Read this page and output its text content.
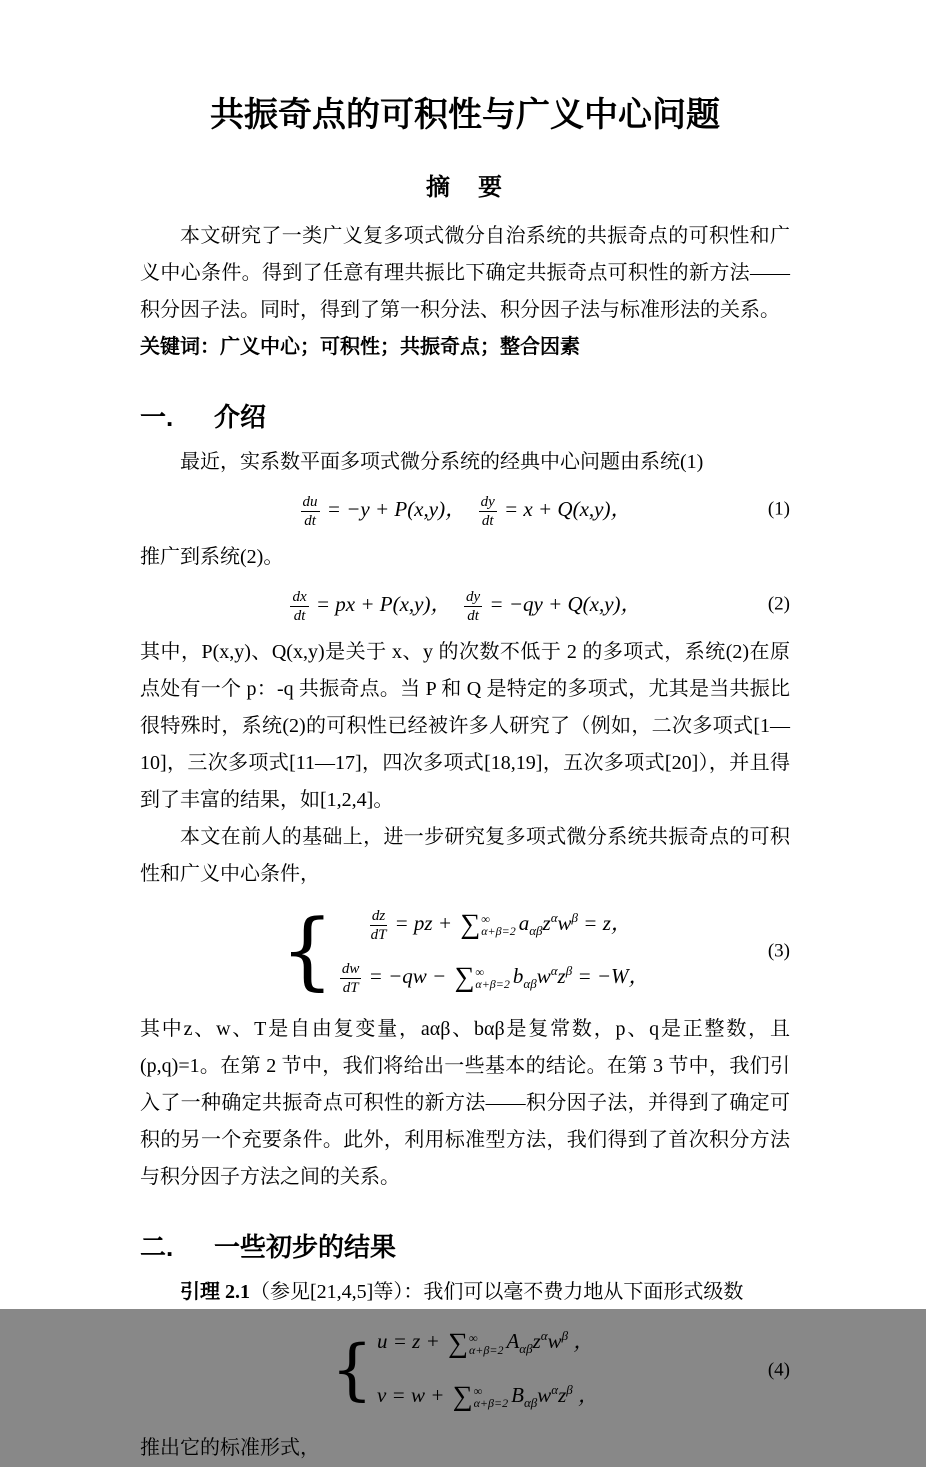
共振奇点的可积性与广义中心问题
摘　要

本文研究了一类广义复多项式微分自治系统的共振奇点的可积性和广义中心条件。得到了任意有理共振比下确定共振奇点可积性的新方法——积分因子法。同时，得到了第一积分法、积分因子法与标准形法的关系。

关键词：广义中心；可积性；共振奇点；整合因素

一.	介绍

最近，实系数平面多项式微分系统的经典中心问题由系统(1)

$\frac{du}{dt} = -y + P(x,y)$， $\frac{dy}{dt} = x + Q(x,y)$，	(1)

推广到系统(2)。

$\frac{dx}{dt}$ = px + P(x,y)， $\frac{dy}{dt} = -qy + Q(x,y)$，	(2)

其中，P(x,y)、Q(x,y)是关于 x、y 的次数不低于 2 的多项式，系统(2)在原点处有一个 p：-q 共振奇点。当 P 和 Q 是特定的多项式，尤其是当共振比很特殊时，系统(2)的可积性已经被许多人研究了（例如，二次多项式[1—10]，三次多项式[11—17]，四次多项式[18,19]，五次多项式[20]），并且得到了丰富的结果，如[1,2,4]。

本文在前人的基础上，进一步研究复多项式微分系统共振奇点的可积性和广义中心条件，

{ $\frac{dz}{dT}$ = pz + ∑ ∞
α+β=2 $a_{\alpha\beta}z^\alpha w^\beta = z$，
$\frac{dw}{dT} = -qw$ − ∑ ∞
α+β=2 $b_{\alpha\beta}w^\alpha z^\beta = -W$，
(3)

其中z、w、T是自由复变量，aαβ、bαβ是复常数，p、q是正整数，且(p,q)=1。在第 2 节中，我们将给出一些基本的结论。在第 3 节中，我们引入了一种确定共振奇点可积性的新方法——积分因子法，并得到了确定可积的另一个充要条件。此外，利用标准型方法，我们得到了首次积分方法与积分因子方法之间的关系。

二.	一些初步的结果

引理 2.1（参见[21,4,5]等）：我们可以毫不费力地从下面形式级数

{ u = z + ∑ ∞
α+β=2 $A_{\alpha\beta}z^\alpha w^\beta$ ，
v = w + ∑ ∞
α+β=2 $B_{\alpha\beta}w^\alpha z^\beta$ ，
(4)

推出它的标准形式，
